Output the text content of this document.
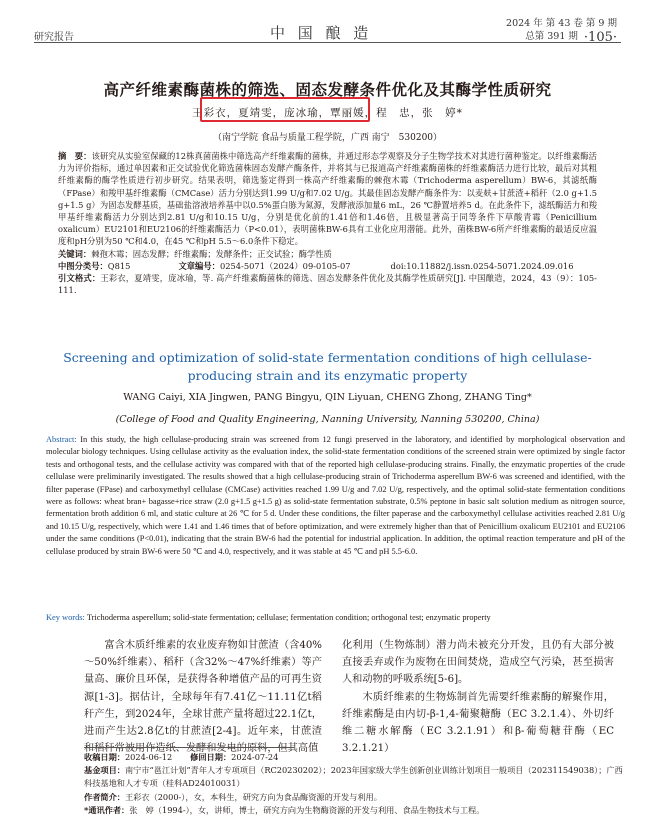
研究报告	中 国 酿 造
2024 年 第 43 卷 第 9 期
总第 391 期 ·105·
高产纤维素酶菌株的筛选、固态发酵条件优化及其酶学性质研究
王彩衣，夏靖雯，庞冰瑜，覃丽媛，程　忠，张　婷*
（南宁学院 食品与质量工程学院，广西 南宁　530200）
摘　要：该研究从实验室保藏的12株真菌菌株中筛选高产纤维素酶的菌株，并通过形态学观察及分子生物学技术对其进行菌种鉴定。以纤维素酶活力为评价指标，通过单因素和正交试验优化筛选菌株固态发酵产酶条件，并将其与已报道高产纤维素酶菌株的纤维素酶活力进行比较，最后对其粗纤维素酶的酶学性质进行初步研究。结果表明，筛选鉴定得到一株高产纤维素酶的棘孢木霉（Trichoderma asperellum）BW-6，其滤纸酶（FPase）和羧甲基纤维素酶（CMCase）活力分别达到1.99 U/g和7.02 U/g。其最佳固态发酵产酶条件为：以麦麸+甘蔗渣+稻秆（2.0 g+1.5 g+1.5 g）为固态发酵基质，基础盐溶液培养基中以0.5%蛋白胨为氮源，发酵液添加量6 mL，26 ℃静置培养5 d。在此条件下，滤纸酶活力和羧甲基纤维素酶活力分别达到2.81 U/g和10.15 U/g，分别是优化前的1.41倍和1.46倍，且极显著高于同等条件下草酸青霉（Penicillium oxalicum）EU2101和EU2106的纤维素酶活力（P<0.01），表明菌株BW-6具有工业化应用潜能。此外，菌株BW-6所产纤维素酶的最适反应温度和pH分别为50 ℃和4.0，在45 ℃和pH 5.5～6.0条件下稳定。
关键词：棘孢木霉；固态发酵；纤维素酶；发酵条件；正交试验；酶学性质
中图分类号：Q815	文章编号：0254-5071（2024）09-0105-07	doi:10.11882/j.issn.0254-5071.2024.09.016
引文格式：王彩衣，夏靖雯，庞冰瑜，等. 高产纤维素酶菌株的筛选、固态发酵条件优化及其酶学性质研究[J]. 中国酿造，2024，43（9）：105-111.
Screening and optimization of solid-state fermentation conditions of high cellulase-producing strain and its enzymatic property
WANG Caiyi, XIA Jingwen, PANG Bingyu, QIN Liyuan, CHENG Zhong, ZHANG Ting*
(College of Food and Quality Engineering, Nanning University, Nanning 530200, China)
Abstract: In this study, the high cellulase-producing strain was screened from 12 fungi preserved in the laboratory, and identified by morphological observation and molecular biology techniques. Using cellulase activity as the evaluation index, the solid-state fermentation conditions of the screened strain were optimized by single factor tests and orthogonal tests, and the cellulase activity was compared with that of the reported high cellulase-producing strains. Finally, the enzymatic properties of the crude cellulase were preliminarily investigated. The results showed that a high cellulase-producing strain of Trichoderma asperellum BW-6 was screened and identified, with the filter paperase (FPase) and carboxymethyl cellulase (CMCase) activities reached 1.99 U/g and 7.02 U/g, respectively, and the optimal solid-state fermentation conditions were as follows: wheat bran+ bagasse+rice straw (2.0 g+1.5 g+1.5 g) as solid-state fermentation substrate, 0.5% peptone in basic salt solution medium as nitrogen source, fermentation broth addition 6 ml, and static culture at 26 ℃ for 5 d. Under these conditions, the filter paperase and the carboxymethyl cellulase activities reached 2.81 U/g and 10.15 U/g, respectively, which were 1.41 and 1.46 times that of before optimization, and were extremely higher than that of Penicillium oxalicum EU2101 and EU2106 under the same conditions (P<0.01), indicating that the strain BW-6 had the potential for industrial application. In addition, the optimal reaction temperature and pH of the cellulase produced by strain BW-6 were 50 ℃ and 4.0, respectively, and it was stable at 45 ℃ and pH 5.5-6.0.
Key words: Trichoderma asperellum; solid-state fermentation; cellulase; fermentation condition; orthogonal test; enzymatic property
富含木质纤维素的农业废弃物如甘蔗渣（含40%～50%纤维素）、稻秆（含32%～47%纤维素）等产量高、廉价且环保，是获得各种增值产品的可再生资源[1-3]。据估计，全球每年有7.41亿～11.11亿t稻秆产生，到2024年，全球甘蔗产量将超过22.1亿t，进而产生达2.8亿t的甘蔗渣[2-4]。近年来，甘蔗渣和稻秆常被用作造纸、发酵和发电的原料，但其高值

化利用（生物炼制）潜力尚未被充分开发，且仍有大部分被直接丢弃或作为废物在田间焚烧，造成空气污染，甚至损害人和动物的呼吸系统[5-6]。

木质纤维素的生物炼制首先需要纤维素酶的解聚作用，纤维素酶是由内切-β-1,4-葡聚糖酶（EC 3.2.1.4）、外切纤维二糖水解酶（EC 3.2.1.91）和β-葡萄糖苷酶（EC 3.2.1.21）

收稿日期：2024-06-12 修回日期：2024-07-24
基金项目：南宁市“邕江计划”青年人才专项项目（RC20230202）；2023年国家级大学生创新创业训练计划项目一般项目（202311549038）；广西科技基地和人才专项（桂科AD24010031）
作者简介：王彩衣（2000-），女，本科生，研究方向为食品酶资源的开发与利用。
*通讯作者：张　婷（1994-），女，讲师，博士，研究方向为生物酶资源的开发与利用、食品生物技术与工程。
